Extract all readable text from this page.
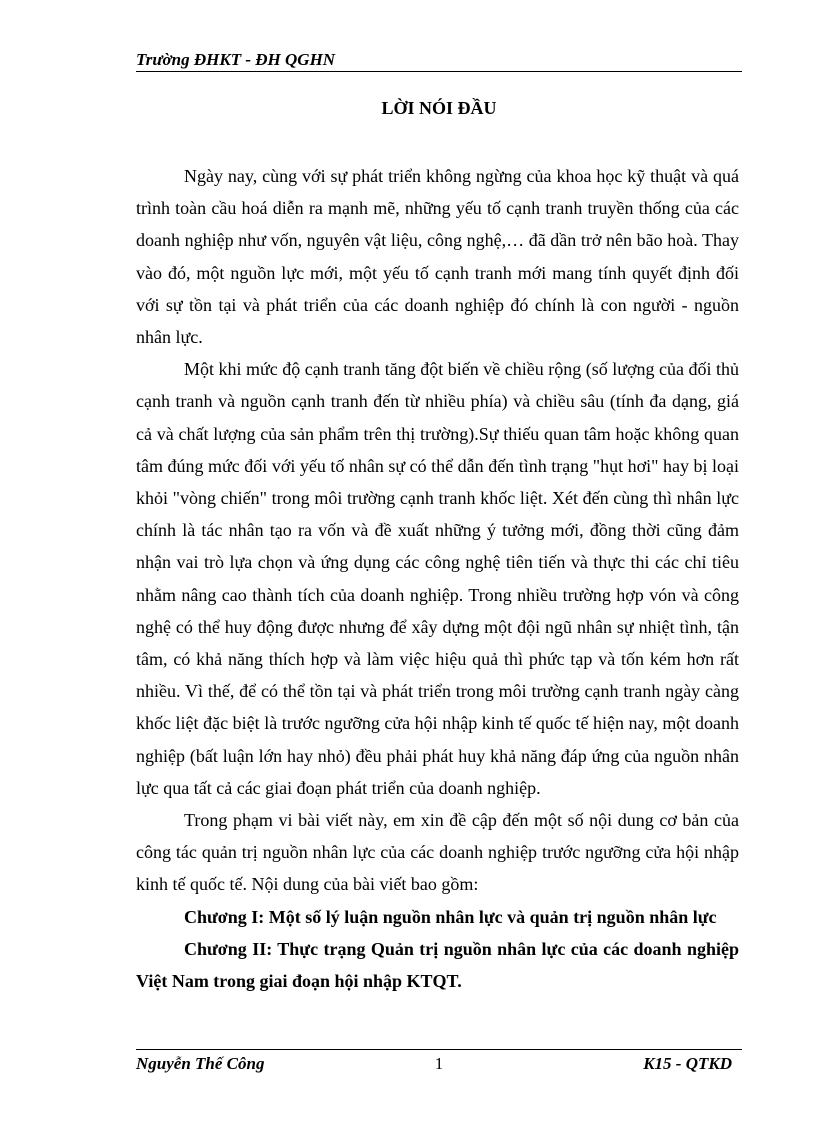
Trường ĐHKT - ĐH QGHN
LỜI NÓI ĐẦU

Ngày nay, cùng với sự phát triển không ngừng của khoa học kỹ thuật và quá trình toàn cầu hoá diễn ra mạnh mẽ, những yếu tố cạnh tranh truyền thống của các doanh nghiệp như vốn, nguyên vật liệu, công nghệ,… đã dần trở nên bão hoà. Thay vào đó, một nguồn lực mới, một yếu tố cạnh tranh mới mang tính quyết định đối với sự tồn tại và phát triển của các doanh nghiệp đó chính là con người - nguồn nhân lực.

Một khi mức độ cạnh tranh tăng đột biến về chiều rộng (số lượng của đối thủ cạnh tranh và nguồn cạnh tranh đến từ nhiều phía) và chiều sâu (tính đa dạng, giá cả và chất lượng của sản phẩm trên thị trường).Sự thiếu quan tâm hoặc không quan tâm đúng mức đối với yếu tố nhân sự có thể dẫn đến tình trạng "hụt hơi" hay bị loại khỏi "vòng chiến" trong môi trường cạnh tranh khốc liệt. Xét đến cùng thì nhân lực chính là tác nhân tạo ra vốn và đề xuất những ý tưởng mới, đồng thời cũng đảm nhận vai trò lựa chọn và ứng dụng các công nghệ tiên tiến và thực thi các chỉ tiêu nhằm nâng cao thành tích của doanh nghiệp. Trong nhiều trường hợp vón và công nghệ có thể huy động được nhưng để xây dựng một đội ngũ nhân sự nhiệt tình, tận tâm, có khả năng thích hợp và làm việc hiệu quả thì phức tạp và tốn kém hơn rất nhiều. Vì thế, để có thể tồn tại và phát triển trong môi trường cạnh tranh ngày càng khốc liệt đặc biệt là trước ngưỡng cửa hội nhập kinh tế quốc tế hiện nay, một doanh nghiệp (bất luận lớn hay nhỏ) đều phải phát huy khả năng đáp ứng của nguồn nhân lực qua tất cả các giai đoạn phát triển của doanh nghiệp.

Trong phạm vi bài viết này, em xin đề cập đến một số nội dung cơ bản của công tác quản trị nguồn nhân lực của các doanh nghiệp trước ngưỡng cửa hội nhập kinh tế quốc tế. Nội dung của bài viết bao gồm:

Chương I: Một số lý luận nguồn nhân lực và quản trị nguồn nhân lực

Chương II: Thực trạng Quản trị nguồn nhân lực của các doanh nghiệp Việt Nam trong giai đoạn hội nhập KTQT.

Nguyễn Thế Công	1	K15 - QTKD
